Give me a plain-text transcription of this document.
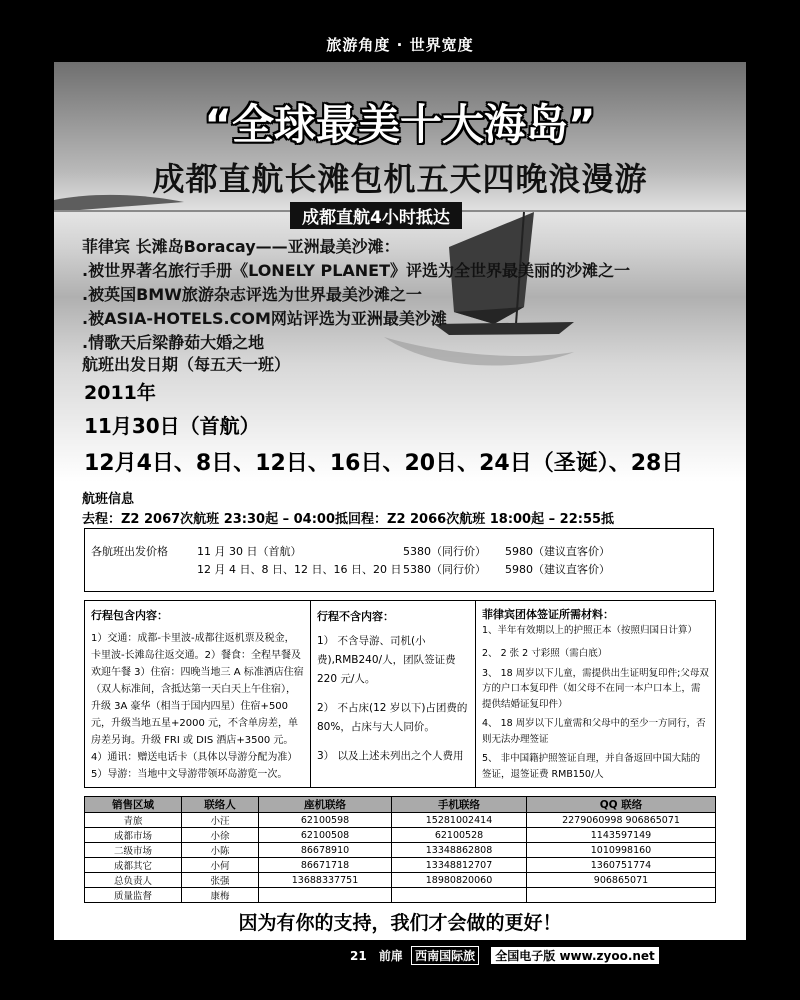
旅游角度 · 世界宽度
“全球最美十大海岛”
成都直航长滩包机五天四晚浪漫游
成都直航4小时抵达
菲律宾 长滩岛Boracay——亚洲最美沙滩：
.被世界著名旅行手册《LONELY PLANET》评选为全世界最美丽的沙滩之一
.被英国BMW旅游杂志评选为世界最美沙滩之一
.被ASIA-HOTELS.COM网站评选为亚洲最美沙滩
.情歌天后梁静茹大婚之地
航班出发日期（每五天一班）
2011年
11月30日（首航）
12月4日、8日、12日、16日、20日、24日（圣诞）、28日
航班信息
去程：Z2 2067次航班 23:30起 – 04:00抵回程：Z2 2066次航班 18:00起 – 22:55抵
各航班出发价格	11 月 30 日（首航）	5380（同行价） 5980（建议直客价）
12 月 4 日、8 日、12 日、16 日、20 日 5380（同行价） 5980（建议直客价）
行程包含内容：

1）交通：成都-卡里波-成都往返机票及税金，卡里波-长滩岛往返交通。2）餐食：全程早餐及欢迎午餐 3）住宿：四晚当地三 A 标准酒店住宿（双人标准间，含抵达第一天白天上午住宿），升级 3A 豪华（相当于国内四星）住宿+500 元，升级当地五星+2000 元，不含单房差，单房差另询。升级 FRI 或 DIS 酒店+3500 元。

4）通讯：赠送电话卡（具体以导游分配为准）

5）导游：当地中文导游带领环岛游览一次。

行程不含内容：

1） 不含导游、司机(小费),RMB240/人，团队签证费 220 元/人。

2） 不占床(12 岁以下)占团费的 80%，占床与大人同价。

3） 以及上述未列出之个人费用

菲律宾团体签证所需材料：

1、半年有效期以上的护照正本（按照归国日计算）

2、 2 张 2 寸彩照（需白底）

3、 18 周岁以下儿童，需提供出生证明复印件;父母双方的户口本复印件（如父母不在同一本户口本上，需提供结婚证复印件）

4、 18 周岁以下儿童需和父母中的至少一方同行，否则无法办理签证

5、 非中国籍护照签证自理，并自备返回中国大陆的签证，退签证费 RMB150/人

销售区域	联络人	座机联络	手机联络	QQ 联络
青旅	小汪	62100598	15281002414	2279060998 906865071
成都市场	小徐	62100508	62100528	1143597149
二级市场	小陈	86678910	13348862808	1010998160
成都其它	小何	86671718	13348812707	1360751774
总负责人	张强	13688337751	18980820060	906865071
质量监督	康梅			
因为有你的支持，我们才会做的更好！
21 前扉 西南国际旅 全国电子版 www.zyoo.net
